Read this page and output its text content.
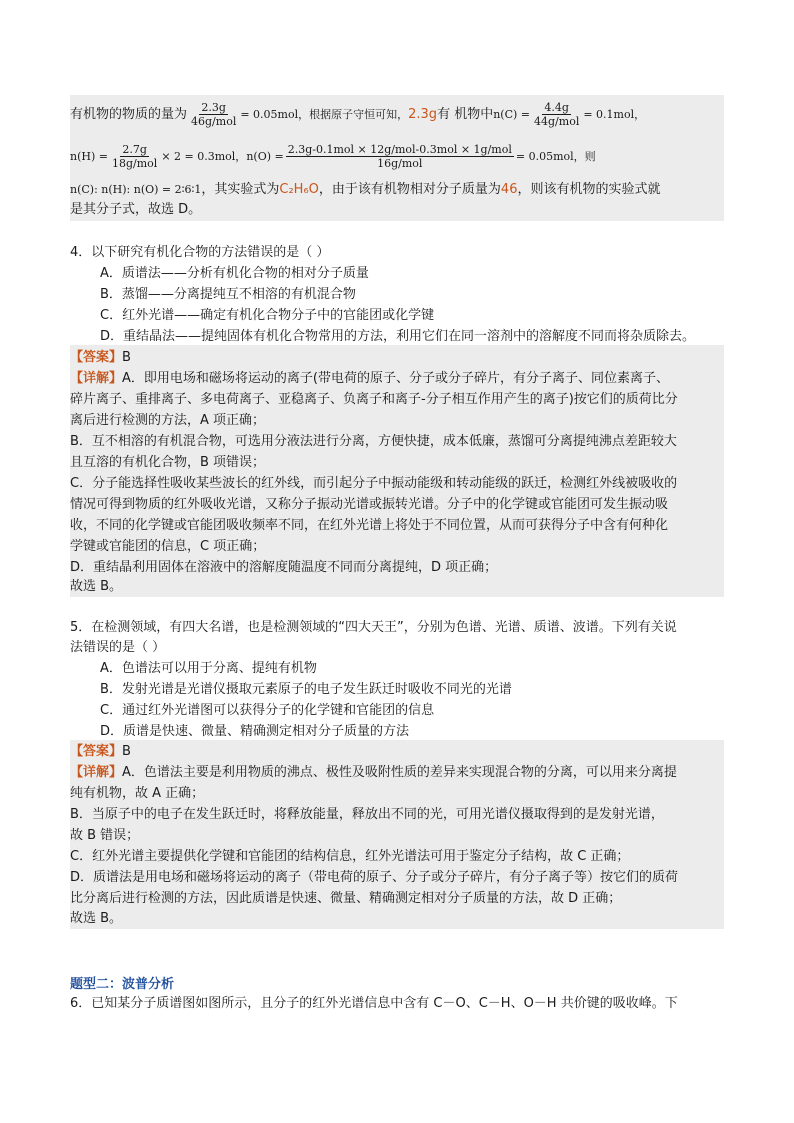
有机物的物质的量为 $\frac{2.3g}{\text{46g/mol}} = 0.05mol$，根据原子守恒可知，2.3g有 机物中$n(C) = \frac{4.4g}{\text{44g/mol}} = 0.1mol$，
$n(H) = \frac{2.7g}{\text{18g/mol}} \times 2 = 0.3mol$，$n(O) = \frac{\text{2.3g-0.1mol × 12g/mol-0.3mol × 1g/mol}}{\text{16g/mol}} = 0.05mol$，则
n(C): n(H): n(O) = 2∶6∶1，其实验式为C₂H₆O，由于该有机物相对分子质量为46，则该有机物的实验式就
是其分子式，故选 D。
4．以下研究有机化合物的方法错误的是（ ）
A．质谱法——分析有机化合物的相对分子质量
B．蒸馏——分离提纯互不相溶的有机混合物
C．红外光谱——确定有机化合物分子中的官能团或化学键
D．重结晶法——提纯固体有机化合物常用的方法，利用它们在同一溶剂中的溶解度不同而将杂质除去。
【答案】B
【详解】A．即用电场和磁场将运动的离子(带电荷的原子、分子或分子碎片，有分子离子、同位素离子、
碎片离子、重排离子、多电荷离子、亚稳离子、负离子和离子-分子相互作用产生的离子)按它们的质荷比分
离后进行检测的方法，A 项正确；
B．互不相溶的有机混合物，可选用分液法进行分离，方便快捷，成本低廉，蒸馏可分离提纯沸点差距较大
且互溶的有机化合物，B 项错误；
C．分子能选择性吸收某些波长的红外线，而引起分子中振动能级和转动能级的跃迁，检测红外线被吸收的
情况可得到物质的红外吸收光谱，又称分子振动光谱或振转光谱。分子中的化学键或官能团可发生振动吸
收，不同的化学键或官能团吸收频率不同，在红外光谱上将处于不同位置，从而可获得分子中含有何种化
学键或官能团的信息，C 项正确；
D．重结晶利用固体在溶液中的溶解度随温度不同而分离提纯，D 项正确；
故选 B。
5．在检测领域，有四大名谱，也是检测领域的“四大天王”，分别为色谱、光谱、质谱、波谱。下列有关说
法错误的是（ ）
A．色谱法可以用于分离、提纯有机物
B．发射光谱是光谱仪摄取元素原子的电子发生跃迁时吸收不同光的光谱
C．通过红外光谱图可以获得分子的化学键和官能团的信息
D．质谱是快速、微量、精确测定相对分子质量的方法
【答案】B
【详解】A．色谱法主要是利用物质的沸点、极性及吸附性质的差异来实现混合物的分离，可以用来分离提
纯有机物，故 A 正确；
B．当原子中的电子在发生跃迁时，将释放能量，释放出不同的光，可用光谱仪摄取得到的是发射光谱，
故 B 错误；
C．红外光谱主要提供化学键和官能团的结构信息，红外光谱法可用于鉴定分子结构，故 C 正确；
D．质谱法是用电场和磁场将运动的离子（带电荷的原子、分子或分子碎片，有分子离子等）按它们的质荷
比分离后进行检测的方法，因此质谱是快速、微量、精确测定相对分子质量的方法，故 D 正确；
故选 B。
题型二：波普分析
6．已知某分子质谱图如图所示，且分子的红外光谱信息中含有 C－O、C－H、O－H 共价键的吸收峰。下
